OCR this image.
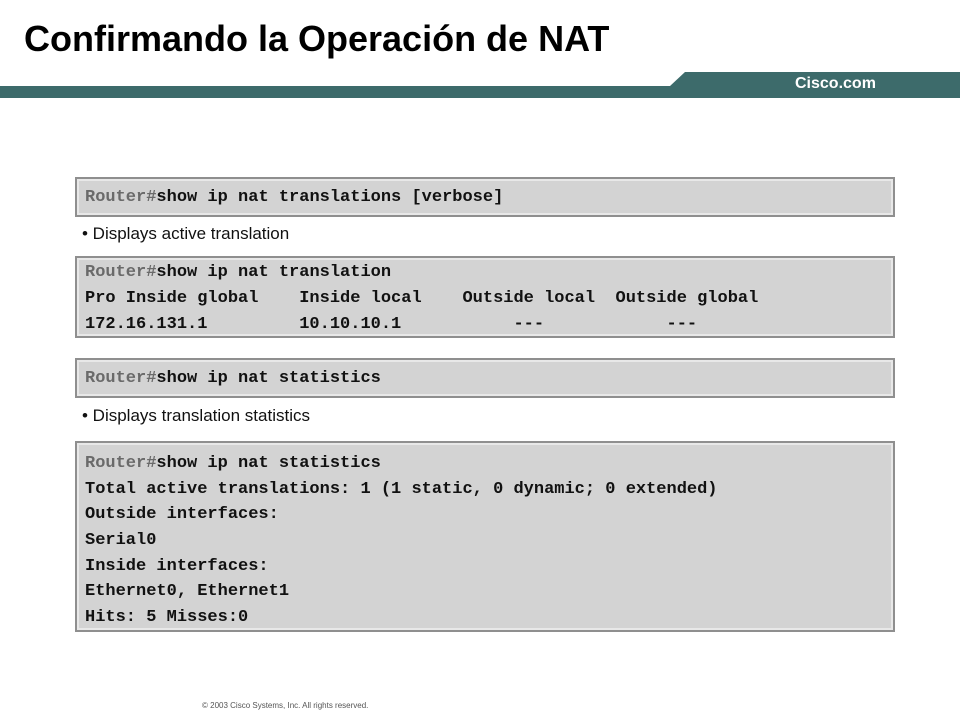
Cisco.com
Confirmando la Operación de NAT
Router#show ip nat translations [verbose]
• Displays active translation
Router#show ip nat translation
Pro Inside global    Inside local    Outside local  Outside global
172.16.131.1         10.10.10.1           ---            ---
Router#show ip nat statistics
• Displays translation statistics
Router#show ip nat statistics
Total active translations: 1 (1 static, 0 dynamic; 0 extended)
Outside interfaces:
Serial0
Inside interfaces:
Ethernet0, Ethernet1
Hits: 5 Misses:0
© 2003 Cisco Systems, Inc. All rights reserved.
